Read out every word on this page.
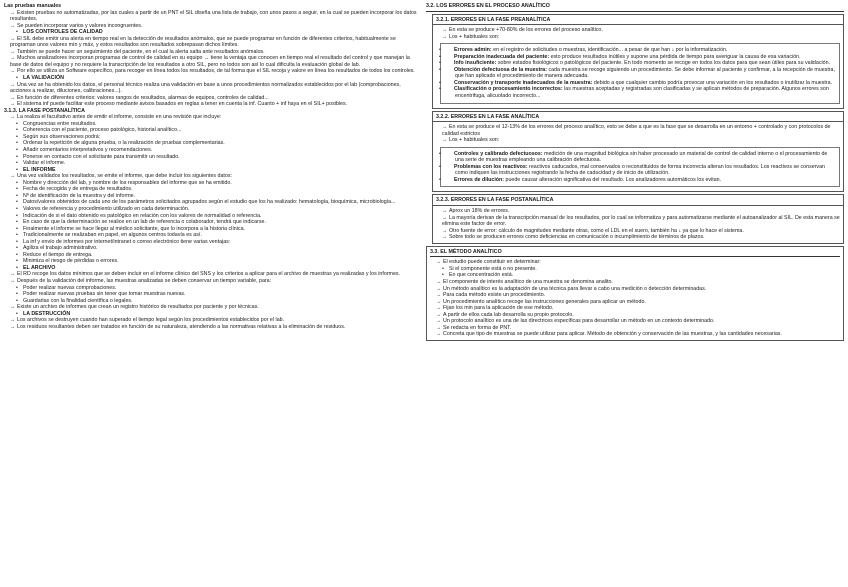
Las pruebas manuales
→ Existen pruebas no automatizadas, por las cuales a partir de un PNT el SIL diseña una lista de trabajo, con unos pasos a seguir, en la cual se pueden incorporar los datos resultantes.
→ Se pueden incorporar varios y valores incongruentes.
• LOS CONTROLES DE CALIDAD
→ El SIL debe emitir una alerta en tiempo real en la detección de resultados anómalos, que se puede programar en función de diferentes criterios, habitualmente se programan unos valores mín y máx, y estos resultados son resultados sobrepasan dichos límites.
→ También se puede hacer un seguimiento del paciente, en el cual la alerta salta ante resultados anómalos.
→ Muchos analizadores incorporan programas de control de calidad en su equipo → tiene la ventaja que conocen en tiempo real el resultado del control y que manejan la base de datos del equipo y no requiere la transcripción de los resultados a otro SIL, pero no todos son así lo cual dificulta la evaluación global de lab.
→ Por ello se utiliza un Software específico, para recoger en línea todos los resultados, de tal forma que el SIL recoja y valore en línea los resultados de todos los controles.
• LA VALIDACIÓN
→ Una vez se ha obtenido los datos, el personal técnico realiza una validación en base a unos procedimientos normalizados establecidos por el lab (comprobaciones, acciones a realizar, diluciones, calibraciones...).
→ En función de diferentes criterios: valores rangos de resultados, alarmas de equipos, controles de calidad...
→ El sistema inf puede facilitar este proceso mediante avisos basados en reglas a tener en cuenta la inf. Cuanto + inf haya en el SIL+ posibles.
3.1.3. LA FASE POSTANALÍTICA
→ La realiza el facultativo antes de emitir el informe, consiste en una revisión que incluye:
• Congruencias entre resultados.
• Coherencia con el paciente, proceso patológico, historial analítico...
• Según sus observaciones podrá:
• Ordenar la repetición de alguna prueba, o la realización de pruebas complementarias.
• Añadir comentarios interpretativos y recomendaciones.
• Ponerse en contacto con el solicitante para transmitir un resultado.
• Validar el informe.
• EL INFORME
→ Una vez validados los resultados, se emite el informe, que debe incluir los siguientes datos:
• Nombre y dirección del lab, y nombre de los responsables del informe que se ha emitido.
• Fecha de recogida y de entrega de resultados.
• Nº de identificación de la muestra y del informe.
• Datos/valores obtenidos de cada uno de los parámetros solicitados agrupados según el estudio que los ha realizado: hematología, bioquímica, microbiología...
• Valores de referencia y procedimiento utilizado en cada determinación.
• Indicación de si el dato obtenido es patológico en relación con los valores de normalidad o referencia.
• En caso de que la determinación se realice en un lab de referencia o colaborador, tendrá que indicarse.
• Finalmente el informe se hace llegar al médico solicitante, que lo incorpora a la historia clínica.
• Tradicionalmente se realizaban en papel, en algunos centros todavía es así.
• La inf y envío de informes por internet/intranet o correo electrónico tiene varias ventajas:
• Agiliza el trabajo administrativo.
• Reduce el tiempo de entrega.
• Minimiza el riesgo de pérdidas o errores.
• EL ARCHIVO
→ El RD recoge los datos mínimos que se deben incluir en el informe clínico del SNS y los criterios a aplicar para el archivo de muestras ya realizadas y los informes.
→ Después de la validación del informe, las muestras analizadas se deben conservar un tiempo variable, para:
• Poder realizar nuevas comprobaciones.
• Poder realizar nuevas pruebas sin tener que tomar muestras nuevas.
• Guardarlas con la finalidad científica o legales.
→ Existe un archivo de informes que crean un registro histórico de resultados por paciente y por técnicas.
• LA DESTRUCCIÓN
→ Los archivos se destruyen cuando han superado el tiempo legal según los procedimientos establecidos por el lab.
→ Los residuos resultantes deben ser tratados en función de su naturaleza, atendiendo a las normativas relativas a la eliminación de residuos.
3.2. LOS ERRORES EN EL PROCESO ANALÍTICO
3.2.1. ERRORES EN LA FASE PREANALÍTICA
→ En esta se produce +70-80% de los errores del proceso analítico.
→ Los + habituales son:
• Errores admin: en el registro de solicitudes o muestras, identificación... a pesar de que han ↓ por la informatización.
• Preparación inadecuada del paciente: esto produce resultados inútiles y supone una pérdida de tiempo para averiguar la causa de esa variación.
• Info insuficiente: sobre estados fisiológicos o patológicos del paciente. En todo momento se recoge en todos los datos para que sean útiles para su validación.
• Obtención defectuosa de la muestra: cada muestra se recoge siguiendo un procedimiento. Se debe informar al paciente y confirmar, a la recepción de muestra, que han aplicado el procedimiento de manera adecuada.
• Conservación y transporte inadecuados de la muestra: debido a que cualquier cambio podría provocar una variación en los resultados o inutilizar la muestra.
• Clasificación o procesamiento incorrectos: las muestras aceptadas y registradas son clasificadas y se aplican métodos de preparación. Algunos errores son encentrifuga, alicuotado incorrecto...
3.2.2. ERRORES EN LA FASE ANALÍTICA
→ En esta se produce el 12-13% de los errores del proceso analítico, esto se debe a que es la fase que se desarrolla en un entorno + controlado y con protocolos de calidad estrictos
→ Los + habituales son:
• Controles y calibrado defectuosos: medición de una magnitud biológica sin haber procesado un material de control de calidad interno o el procesamiento de una serie de muestras empleando una calibración defectuosa.
• Problemas con los reactivos: reactivos caducados, mal conservados o reconstituidos de forma incorrecta alteran los resultados. Los reactivos se conservan como indiquen las instrucciones registrando la fecha de caducidad y de inicio de utilización.
• Errores de dilución: puede causar alteración significativa del resultado. Los analizadores automáticos los evitan.
3.2.3. ERRORES EN LA FASE POSTANALÍTICA
→ Aprox un 18% de errores.
→ La mayoría derivan de la transcripción manual de los resultados, por lo cual se informatiza y para automatizarse mediante el autoanalizador al SIL. De esta manera se elimina este factor de error.
→ Otro fuente de error: cálculo de magnitudes mediante otras, como el LDL en el suero, también ha ↓ ya que lo hace el sistema.
→ Sobre todo se producen errores como deficiencias en comunicación o incumplimiento de términos de plazos.
3.3. EL MÉTODO ANALÍTICO
→ El estudio puede constituir en determinar:
• Si el componente está o no presente.
• En que concentración está.
→ El componente de interés analítico de una muestra se denomina analito.
→ Un método analítico es la adaptación de una técnica para llevar a cabo una medición o detección determinadas.
→ Para cada método existe un procedimiento.
→ Un procedimiento analítico recoge las instrucciones generales para aplicar un método.
→ Fijan los min para la aplicación de ese método.
→ A partir de ellos cada lab desarrolla su propio protocolo.
→ Un protocolo analítico es una de las directrices específicas para desarrollar un método en un contexto determinado.
→ Se redacta en forma de PNT.
→ Concreta que tipo de muestras se puede utilizar para aplicar. Método de obtención y conservación de las muestras, y las cantidades necesarias.
